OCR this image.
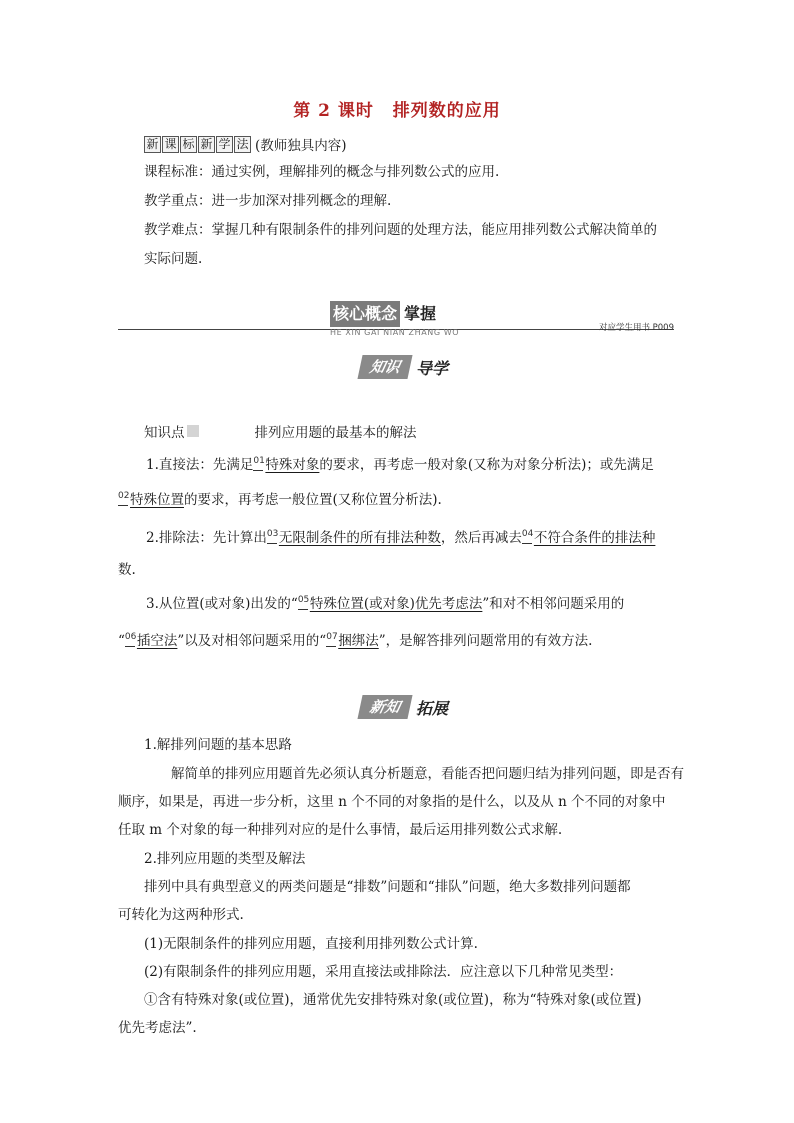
第 2 课时 排列数的应用
新 课 标 新 学 法 (教师独具内容)
课程标准：通过实例，理解排列的概念与排列数公式的应用.
教学重点：进一步加深对排列概念的理解.
教学难点：掌握几种有限制条件的排列问题的处理方法，能应用排列数公式解决简单的
实际问题.
核心概念 掌握
HE XIN GAI NIAN ZHANG WO	对应学生用书 P009
知识 导学
知识点	排列应用题的最基本的解法
1.直接法：先满足 01 特殊对象的要求，再考虑一般对象(又称为对象分析法)；或先满足
02 特殊位置的要求，再考虑一般位置(又称位置分析法).
2.排除法：先计算出 03 无限制条件的所有排法种数，然后再减去 04 不符合条件的排法种
数.
3.从位置(或对象)出发的“ 05 特殊位置(或对象)优先考虑法”和对不相邻问题采用的
“ 06 插空法”以及对相邻问题采用的“ 07 捆绑法”，是解答排列问题常用的有效方法.
新知 拓展
1.解排列问题的基本思路
解简单的排列应用题首先必须认真分析题意，看能否把问题归结为排列问题，即是否有
顺序，如果是，再进一步分析，这里 n 个不同的对象指的是什么，以及从 n 个不同的对象中
任取 m 个对象的每一种排列对应的是什么事情，最后运用排列数公式求解.
2.排列应用题的类型及解法
排列中具有典型意义的两类问题是“排数”问题和“排队”问题，绝大多数排列问题都
可转化为这两种形式.
(1)无限制条件的排列应用题，直接利用排列数公式计算.
(2)有限制条件的排列应用题，采用直接法或排除法．应注意以下几种常见类型：
①含有特殊对象(或位置)，通常优先安排特殊对象(或位置)，称为“特殊对象(或位置)
优先考虑法”.
